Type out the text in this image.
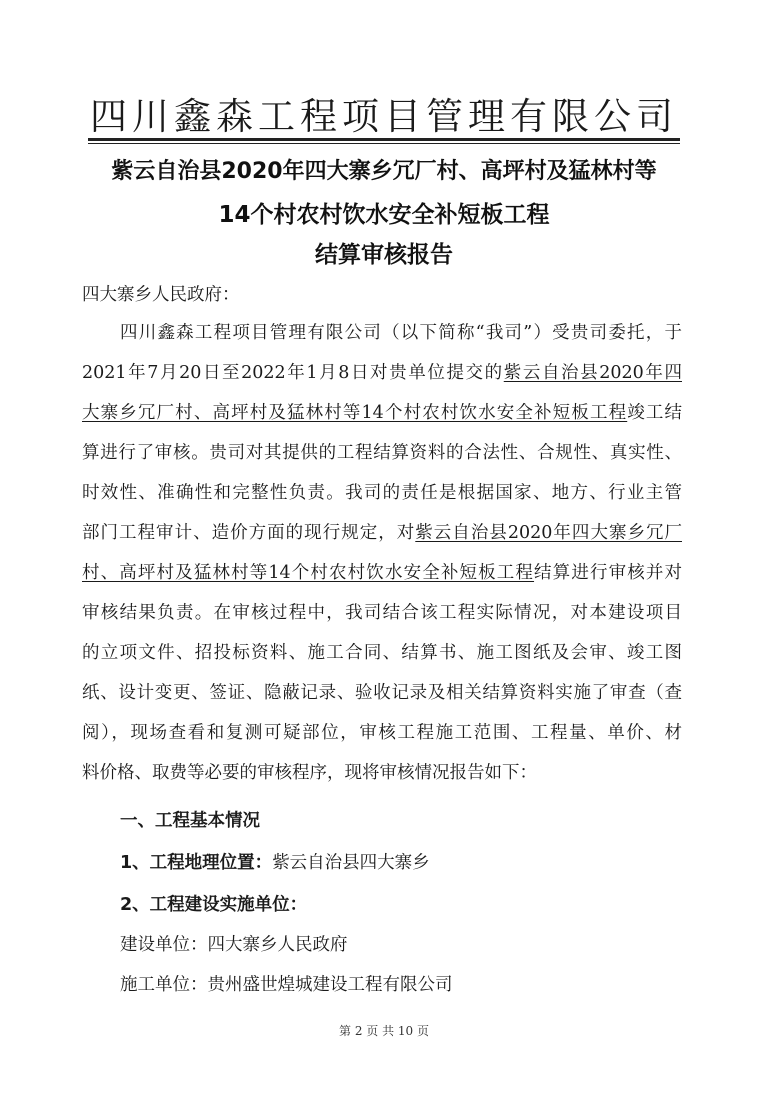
四川鑫森工程项目管理有限公司
紫云自治县2020年四大寨乡冗厂村、高坪村及猛林村等
14个村农村饮水安全补短板工程
结算审核报告
四大寨乡人民政府：
四川鑫森工程项目管理有限公司（以下简称“我司”）受贵司委托，于
2021年7月20日至2022年1月8日对贵单位提交的紫云自治县2020年四
大寨乡冗厂村、高坪村及猛林村等14个村农村饮水安全补短板工程竣工结
算进行了审核。贵司对其提供的工程结算资料的合法性、合规性、真实性、
时效性、准确性和完整性负责。我司的责任是根据国家、地方、行业主管
部门工程审计、造价方面的现行规定，对紫云自治县2020年四大寨乡冗厂
村、高坪村及猛林村等14个村农村饮水安全补短板工程结算进行审核并对
审核结果负责。在审核过程中，我司结合该工程实际情况，对本建设项目
的立项文件、招投标资料、施工合同、结算书、施工图纸及会审、竣工图
纸、设计变更、签证、隐蔽记录、验收记录及相关结算资料实施了审查（查
阅），现场查看和复测可疑部位，审核工程施工范围、工程量、单价、材
料价格、取费等必要的审核程序，现将审核情况报告如下：
一、工程基本情况
1、工程地理位置：紫云自治县四大寨乡
2、工程建设实施单位：
建设单位：四大寨乡人民政府
施工单位：贵州盛世煌城建设工程有限公司
第 2 页 共 10 页
